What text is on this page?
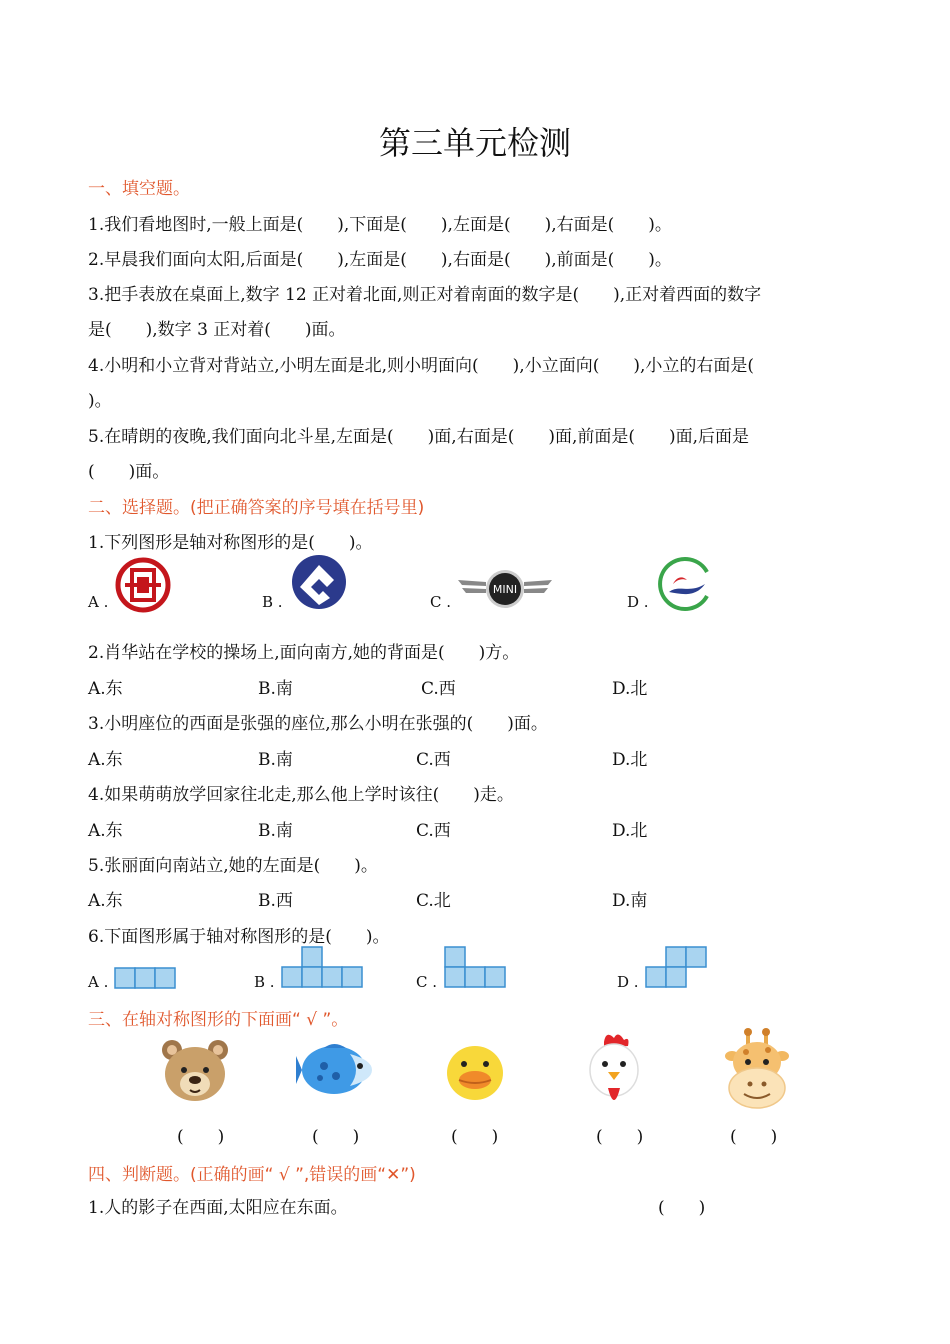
第三单元检测
一、填空题。
1.我们看地图时,一般上面是(　　),下面是(　　),左面是(　　),右面是(　　)。
2.早晨我们面向太阳,后面是(　　),左面是(　　),右面是(　　),前面是(　　)。
3.把手表放在桌面上,数字 12 正对着北面,则正对着南面的数字是(　　),正对着西面的数字
是(　　),数字 3 正对着(　　)面。
4.小明和小立背对背站立,小明左面是北,则小明面向(　　),小立面向(　　),小立的右面是(
)。
5.在晴朗的夜晚,我们面向北斗星,左面是(　　)面,右面是(　　)面,前面是(　　)面,后面是
(　　)面。
二、选择题。(把正确答案的序号填在括号里)
1.下列图形是轴对称图形的是(　　)。
A .	B .	C .
MINI
D .
2.肖华站在学校的操场上,面向南方,她的背面是(　　)方。
A.东	B.南	C.西	D.北
3.小明座位的西面是张强的座位,那么小明在张强的(　　)面。
A.东	B.南	C.西	D.北
4.如果萌萌放学回家往北走,那么他上学时该往(　　)走。
A.东	B.南	C.西	D.北
5.张丽面向南站立,她的左面是(　　)。
A.东	B.西	C.北	D.南
6.下面图形属于轴对称图形的是(　　)。
A .	B .	C .	D .
三、在轴对称图形的下面画“ √ ”。
(　　)	(　　)	(　　)	(　　)	(　　)
四、判断题。(正确的画“ √ ”,错误的画“✕”)
1.人的影子在西面,太阳应在东面。	(　　)
